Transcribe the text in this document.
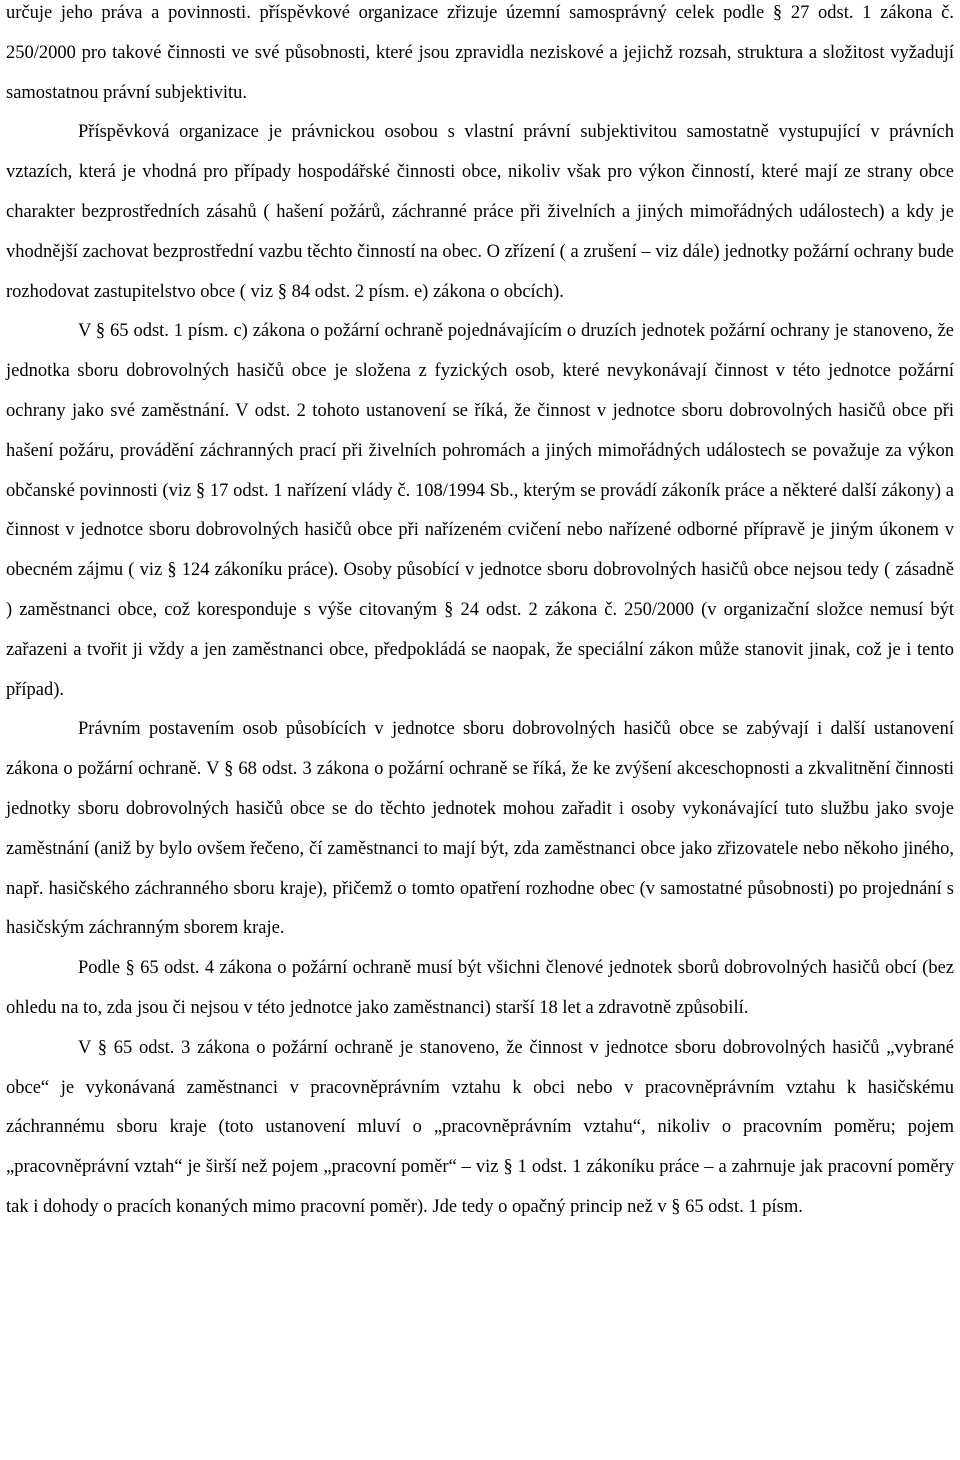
určuje jeho práva a povinnosti. příspěvkové organizace zřizuje územní samosprávný celek podle § 27 odst. 1 zákona č. 250/2000 pro takové činnosti ve své působnosti, které jsou zpravidla neziskové a jejichž rozsah, struktura a složitost vyžadují samostatnou právní subjektivitu.

Příspěvková organizace je právnickou osobou s vlastní právní subjektivitou samostatně vystupující v právních vztazích, která je vhodná pro případy hospodářské činnosti obce, nikoliv však pro výkon činností, které mají ze strany obce charakter bezprostředních zásahů ( hašení požárů, záchranné práce při živelních a jiných mimořádných událostech) a kdy je vhodnější zachovat bezprostřední vazbu těchto činností na obec. O zřízení ( a zrušení – viz dále) jednotky požární ochrany bude rozhodovat zastupitelstvo obce ( viz § 84 odst. 2 písm. e) zákona o obcích).

V § 65 odst. 1 písm. c) zákona o požární ochraně pojednávajícím o druzích jednotek požární ochrany je stanoveno, že jednotka sboru dobrovolných hasičů obce je složena z fyzických osob, které nevykonávají činnost v této jednotce požární ochrany jako své zaměstnání. V odst. 2 tohoto ustanovení se říká, že činnost v jednotce sboru dobrovolných hasičů obce při hašení požáru, provádění záchranných prací při živelních pohromách a jiných mimořádných událostech se považuje za výkon občanské povinnosti (viz § 17 odst. 1 nařízení vlády č. 108/1994 Sb., kterým se provádí zákoník práce a některé další zákony) a činnost v jednotce sboru dobrovolných hasičů obce při nařízeném cvičení nebo nařízené odborné přípravě je jiným úkonem v obecném zájmu ( viz § 124 zákoníku práce). Osoby působící v jednotce sboru dobrovolných hasičů obce nejsou tedy ( zásadně ) zaměstnanci obce, což koresponduje s výše citovaným § 24 odst. 2 zákona č. 250/2000 (v organizační složce nemusí být zařazeni a tvořit ji vždy a jen zaměstnanci obce, předpokládá se naopak, že speciální zákon může stanovit jinak, což je i tento případ).

Právním postavením osob působících v jednotce sboru dobrovolných hasičů obce se zabývají i další ustanovení zákona o požární ochraně. V § 68 odst. 3 zákona o požární ochraně se říká, že ke zvýšení akceschopnosti a zkvalitnění činnosti jednotky sboru dobrovolných hasičů obce se do těchto jednotek mohou zařadit i osoby vykonávající tuto službu jako svoje zaměstnání (aniž by bylo ovšem řečeno, čí zaměstnanci to mají být, zda zaměstnanci obce jako zřizovatele nebo někoho jiného, např. hasičského záchranného sboru kraje), přičemž o tomto opatření rozhodne obec (v samostatné působnosti) po projednání s hasičským záchranným sborem kraje.

Podle § 65 odst. 4 zákona o požární ochraně musí být všichni členové jednotek sborů dobrovolných hasičů obcí (bez ohledu na to, zda jsou či nejsou v této jednotce jako zaměstnanci) starší 18 let a zdravotně způsobilí.

V § 65 odst. 3 zákona o požární ochraně je stanoveno, že činnost v jednotce sboru dobrovolných hasičů „vybrané obce“ je vykonávaná zaměstnanci v pracovněprávním vztahu k obci nebo v pracovněprávním vztahu k hasičskému záchrannému sboru kraje (toto ustanovení mluví o „pracovněprávním vztahu“, nikoliv o pracovním poměru; pojem „pracovněprávní vztah“ je širší než pojem „pracovní poměr“ – viz § 1 odst. 1 zákoníku práce – a zahrnuje jak pracovní poměry tak i dohody o pracích konaných mimo pracovní poměr). Jde tedy o opačný princip než v § 65 odst. 1 písm.
